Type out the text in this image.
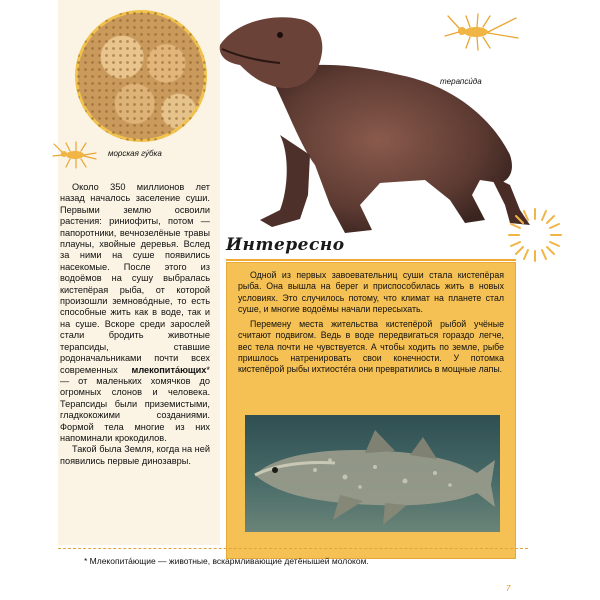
морская гу́бка

Около 350 миллионов лет назад началось заселение суши. Первыми землю освоили растения: риниофиты, потом — папоротники, вечнозелёные травы плауны, хвойные деревья. Вслед за ними на суше появились насекомые. После этого из водоёмов на сушу выбралась кистепёрая рыба, от которой произошли земново́дные, то есть способные жить как в воде, так и на суше. Вскоре среди зарослей стали бродить животные терапсиды, ставшие родоначальниками почти всех современных млекопита́ющих* — от маленьких хомячков до огромных слонов и человека. Терапсиды были приземистыми, гладкокожими созданиями. Формой тела многие из них напоминали крокодилов.

Такой была Земля, когда на ней появились первые динозавры.

терапси́да
Интересно

Одной из первых завоевательниц суши стала кистепёрая рыба. Она вышла на берег и приспособилась жить в новых условиях. Это случилось потому, что климат на планете стал суше, и многие водоёмы начали пересыхать.

Перемену места жительства кистепёрой рыбой учёные считают подвигом. Ведь в воде передвигаться гораздо легче, вес тела почти не чувствуется. А чтобы ходить по земле, рыбе пришлось натренировать свои конечности. У потомка кистепёрой рыбы ихтиосте́га они превратились в мощные лапы.

* Млекопита́ющие — животные, вскармливающие детёнышей молоком.
7
